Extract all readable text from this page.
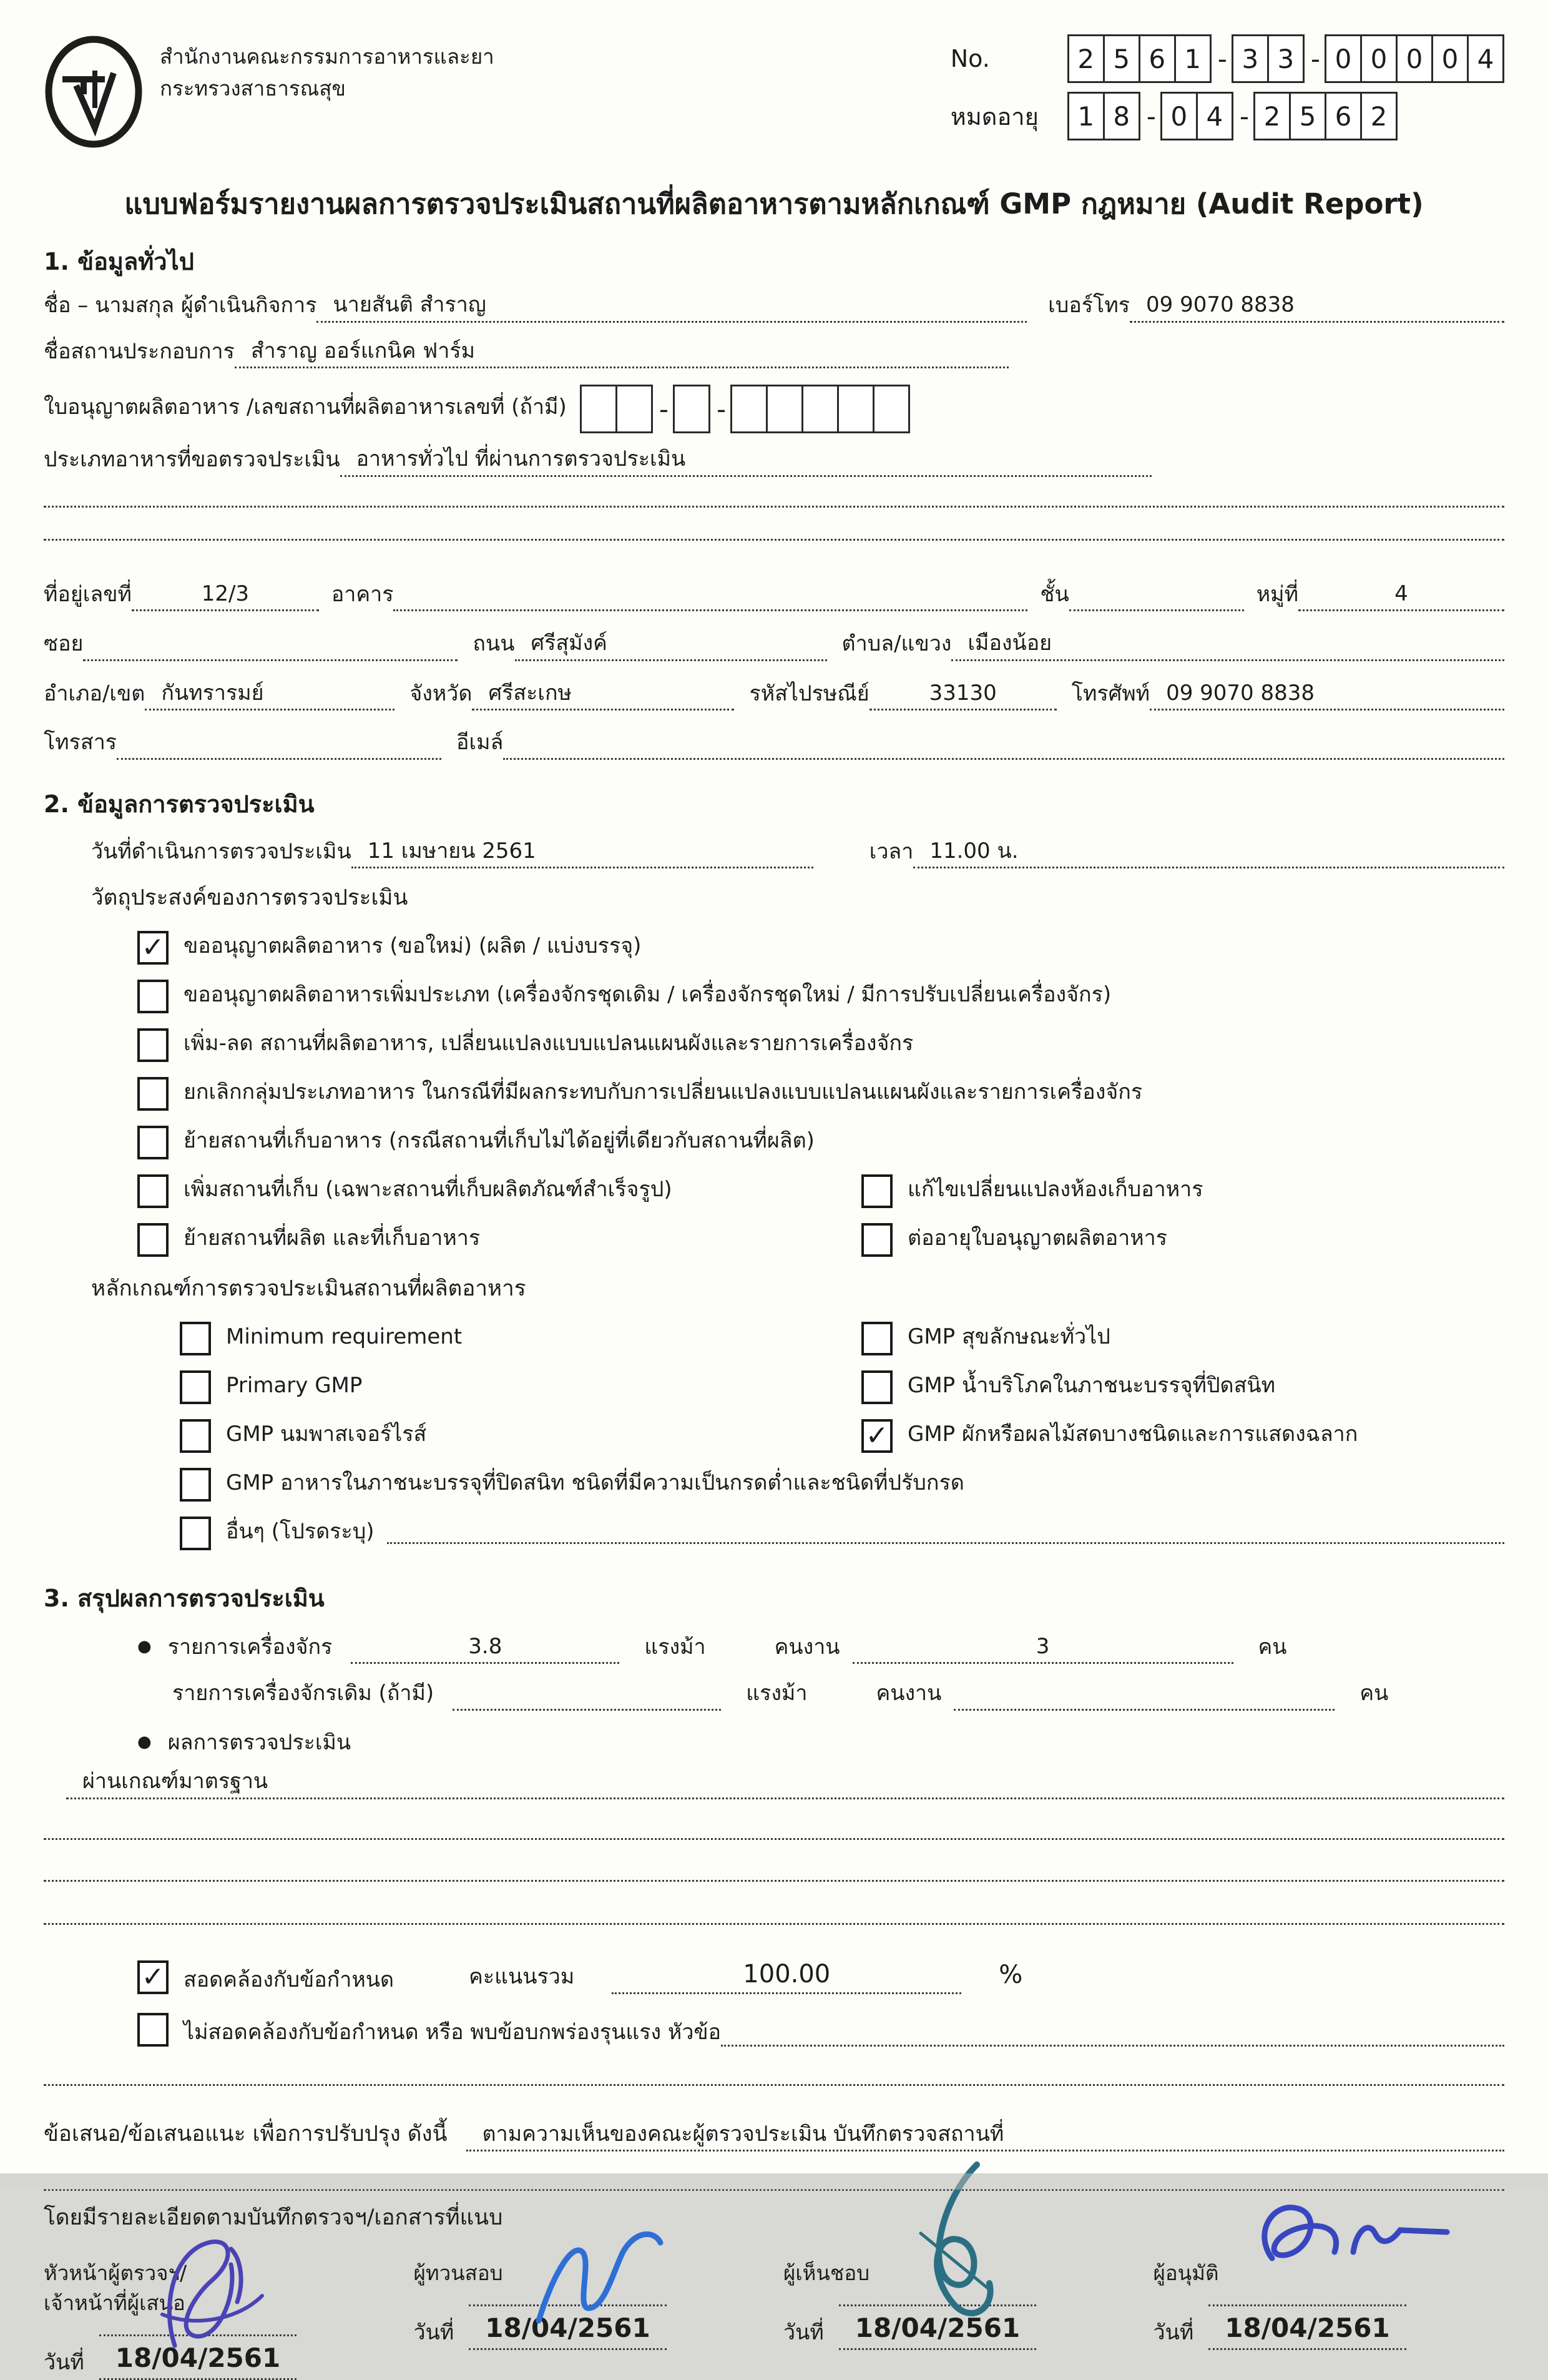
สำนักงานคณะกรรมการอาหารและยา
กระทรวงสาธารณสุข
No.	2 5 6 1 - 3 3 - 0 0 0 0 4
หมดอายุ	1 8 - 0 4 - 2 5 6 2
แบบฟอร์มรายงานผลการตรวจประเมินสถานที่ผลิตอาหารตามหลักเกณฑ์ GMP กฎหมาย (Audit Report)
1. ข้อมูลทั่วไป
ชื่อ – นามสกุล ผู้ดำเนินกิจการ นายสันติ สำราญ	เบอร์โทร 09 9070 8838
ชื่อสถานประกอบการ สำราญ ออร์แกนิค ฟาร์ม
ใบอนุญาตผลิตอาหาร /เลขสถานที่ผลิตอาหารเลขที่ (ถ้ามี)	- -
ประเภทอาหารที่ขอตรวจประเมิน อาหารทั่วไป ที่ผ่านการตรวจประเมิน
ที่อยู่เลขที่	12/3	อาคาร	ชั้น	หมู่ที่	4
ซอย	ถนน ศรีสุมังค์	ตำบล/แขวง เมืองน้อย
อำเภอ/เขต กันทรารมย์	จังหวัด ศรีสะเกษ	รหัสไปรษณีย์	33130	โทรศัพท์ 09 9070 8838
โทรสาร	อีเมล์
2. ข้อมูลการตรวจประเมิน
วันที่ดำเนินการตรวจประเมิน 11 เมษายน 2561	เวลา 11.00 น.
วัตถุประสงค์ของการตรวจประเมิน
✓ ขออนุญาตผลิตอาหาร (ขอใหม่) (ผลิต / แบ่งบรรจุ)
ขออนุญาตผลิตอาหารเพิ่มประเภท (เครื่องจักรชุดเดิม / เครื่องจักรชุดใหม่ / มีการปรับเปลี่ยนเครื่องจักร)
เพิ่ม-ลด สถานที่ผลิตอาหาร, เปลี่ยนแปลงแบบแปลนแผนผังและรายการเครื่องจักร
ยกเลิกกลุ่มประเภทอาหาร ในกรณีที่มีผลกระทบกับการเปลี่ยนแปลงแบบแปลนแผนผังและรายการเครื่องจักร
ย้ายสถานที่เก็บอาหาร (กรณีสถานที่เก็บไม่ได้อยู่ที่เดียวกับสถานที่ผลิต)
เพิ่มสถานที่เก็บ (เฉพาะสถานที่เก็บผลิตภัณฑ์สำเร็จรูป)	แก้ไขเปลี่ยนแปลงห้องเก็บอาหาร
ย้ายสถานที่ผลิต และที่เก็บอาหาร	ต่ออายุใบอนุญาตผลิตอาหาร
หลักเกณฑ์การตรวจประเมินสถานที่ผลิตอาหาร
Minimum requirement	GMP สุขลักษณะทั่วไป
Primary GMP	GMP น้ำบริโภคในภาชนะบรรจุที่ปิดสนิท
GMP นมพาสเจอร์ไรส์	✓ GMP ผักหรือผลไม้สดบางชนิดและการแสดงฉลาก
GMP อาหารในภาชนะบรรจุที่ปิดสนิท ชนิดที่มีความเป็นกรดต่ำและชนิดที่ปรับกรด
อื่นๆ (โปรดระบุ)
3. สรุปผลการตรวจประเมิน
● รายการเครื่องจักร	3.8	แรงม้า	คนงาน	3	คน
รายการเครื่องจักรเดิม (ถ้ามี)	แรงม้า	คนงาน	คน
● ผลการตรวจประเมิน
ผ่านเกณฑ์มาตรฐาน
✓ สอดคล้องกับข้อกำหนด	คะแนนรวม	100.00	%
ไม่สอดคล้องกับข้อกำหนด หรือ พบข้อบกพร่องรุนแรง หัวข้อ
ข้อเสนอ/ข้อเสนอแนะ เพื่อการปรับปรุง ดังนี้	ตามความเห็นของคณะผู้ตรวจประเมิน บันทึกตรวจสถานที่
โดยมีรายละเอียดตามบันทึกตรวจฯ/เอกสารที่แนบ
หัวหน้าผู้ตรวจฯ/
เจ้าหน้าที่ผู้เสนอ
วันที่	18/04/2561
ผู้ทวนสอบ
วันที่	18/04/2561
ผู้เห็นชอบ
วันที่	18/04/2561
ผู้อนุมัติ
วันที่	18/04/2561
